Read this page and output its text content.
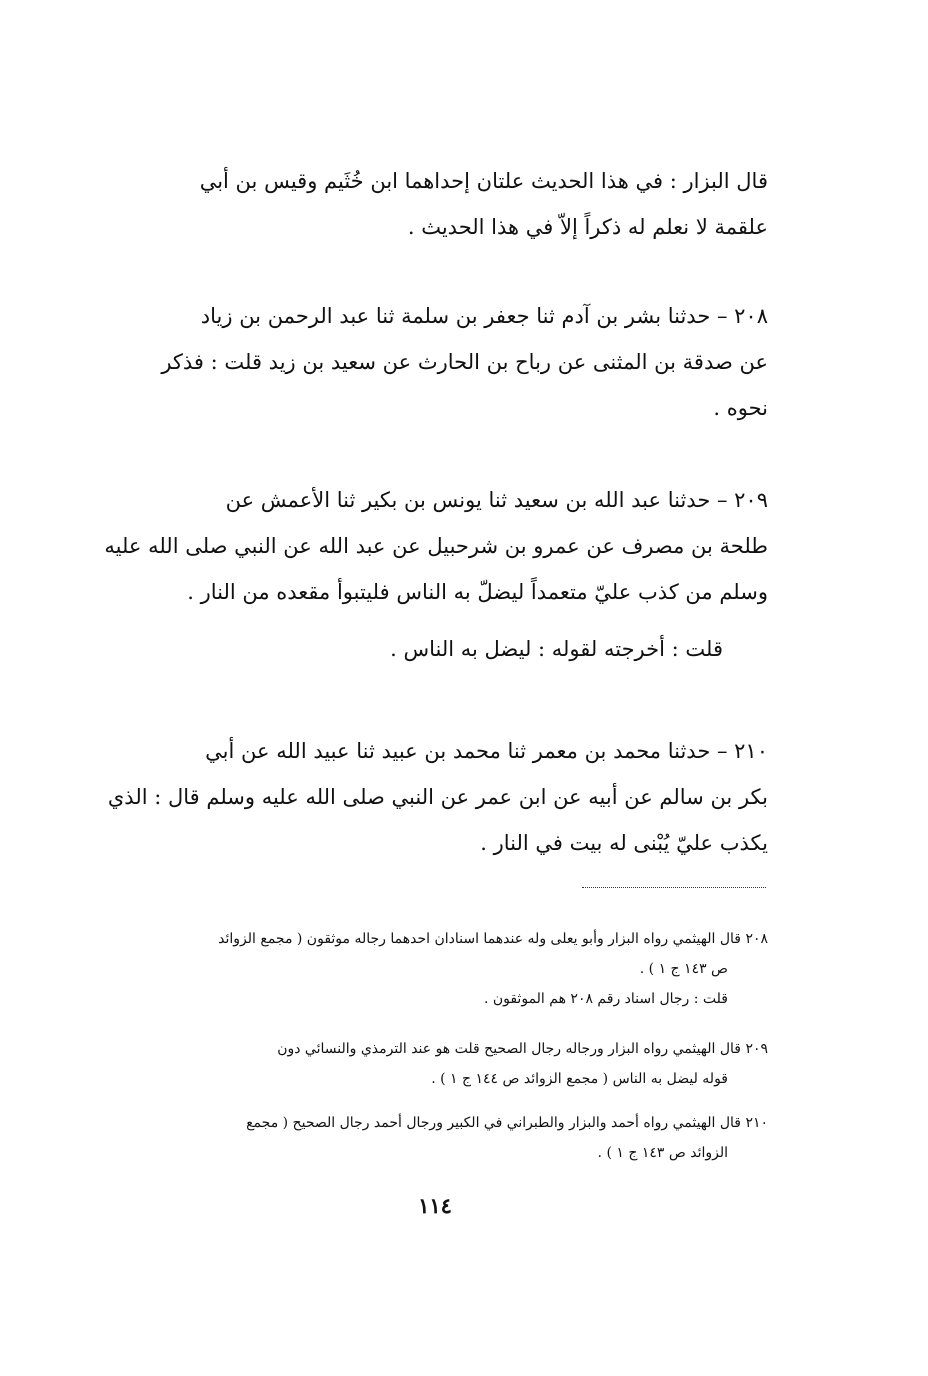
قال البزار : في هذا الحديث علتان إحداهما ابن خُثَيم وقيس بن أبي
علقمة لا نعلم له ذكراً إلاّ في هذا الحديث .
٢٠٨ – حدثنا بشر بن آدم ثنا جعفر بن سلمة ثنا عبد الرحمن بن زياد
عن صدقة بن المثنى عن رباح بن الحارث عن سعيد بن زيد قلت : فذكر
نحوه .
٢٠٩ – حدثنا عبد الله بن سعيد ثنا يونس بن بكير ثنا الأعمش عن
طلحة بن مصرف عن عمرو بن شرحبيل عن عبد الله عن النبي صلى الله عليه
وسلم من كذب عليّ متعمداً ليضلّ به الناس فليتبوأ مقعده من النار .
قلت : أخرجته لقوله : ليضل به الناس .
٢١٠ – حدثنا محمد بن معمر ثنا محمد بن عبيد ثنا عبيد الله عن أبي
بكر بن سالم عن أبيه عن ابن عمر عن النبي صلى الله عليه وسلم قال : الذي
يكذب عليّ يُبْنى له بيت في النار .
٢٠٨ قال الهيثمي رواه البزار وأبو يعلى وله عندهما اسنادان احدهما رجاله موثقون ( مجمع الزوائد
ص ١٤٣ ج ١ ) .
قلت : رجال اسناد رقم ٢٠٨ هم الموثقون .
٢٠٩ قال الهيثمي رواه البزار ورجاله رجال الصحيح قلت هو عند الترمذي والنسائي دون
قوله ليضل به الناس ( مجمع الزوائد ص ١٤٤ ج ١ ) .
٢١٠ قال الهيثمي رواه أحمد والبزار والطبراني في الكبير ورجال أحمد رجال الصحيح ( مجمع
الزوائد ص ١٤٣ ج ١ ) .
١١٤
